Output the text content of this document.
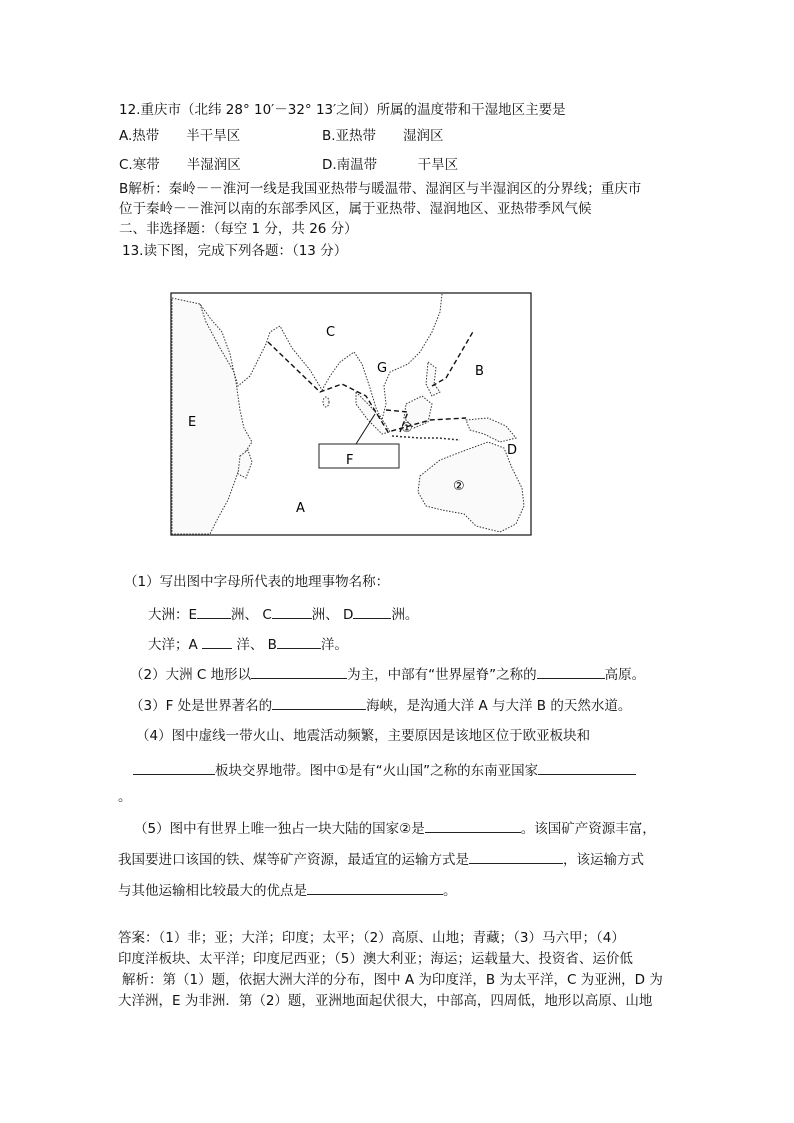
12.重庆市（北纬 28° 10′－32° 13′之间）所属的温度带和干湿地区主要是
A.热带　　半干旱区	B.亚热带　　湿润区
C.寒带　　半湿润区	D.南温带　　　干旱区
B解析：秦岭－－淮河一线是我国亚热带与暖温带、湿润区与半湿润区的分界线；重庆市
位于秦岭－－淮河以南的东部季风区，属于亚热带、湿润地区、亚热带季风气候
二、非选择题：（每空 1 分，共 26 分）
13.读下图，完成下列各题：（13 分）
C
B
G
E	①
D
F
②
A
（1）写出图中字母所代表的地理事物名称：
大洲：E	洲、 C	洲、 D	洲。
大洋；A	洋、 B	洋。
（2）大洲 C 地形以	为主，中部有“世界屋脊”之称的	高原。
（3）F 处是世界著名的	海峡，是沟通大洋 A 与大洋 B 的天然水道。
（4）图中虚线一带火山、地震活动频繁，主要原因是该地区位于欧亚板块和
板块交界地带。图中①是有“火山国”之称的东南亚国家
。
（5）图中有世界上唯一独占一块大陆的国家②是	。该国矿产资源丰富，
我国要进口该国的铁、煤等矿产资源，最适宜的运输方式是	，该运输方式
与其他运输相比较最大的优点是	。
答案：（1）非；亚；大洋；印度；太平；（2）高原、山地；青藏；（3）马六甲；（4）
印度洋板块、太平洋；印度尼西亚；（5）澳大利亚；海运；运载量大、投资省、运价低
解析：第（1）题，依据大洲大洋的分布，图中 A 为印度洋，B 为太平洋，C 为亚洲，D 为
大洋洲，E 为非洲．第（2）题，亚洲地面起伏很大，中部高，四周低，地形以高原、山地
